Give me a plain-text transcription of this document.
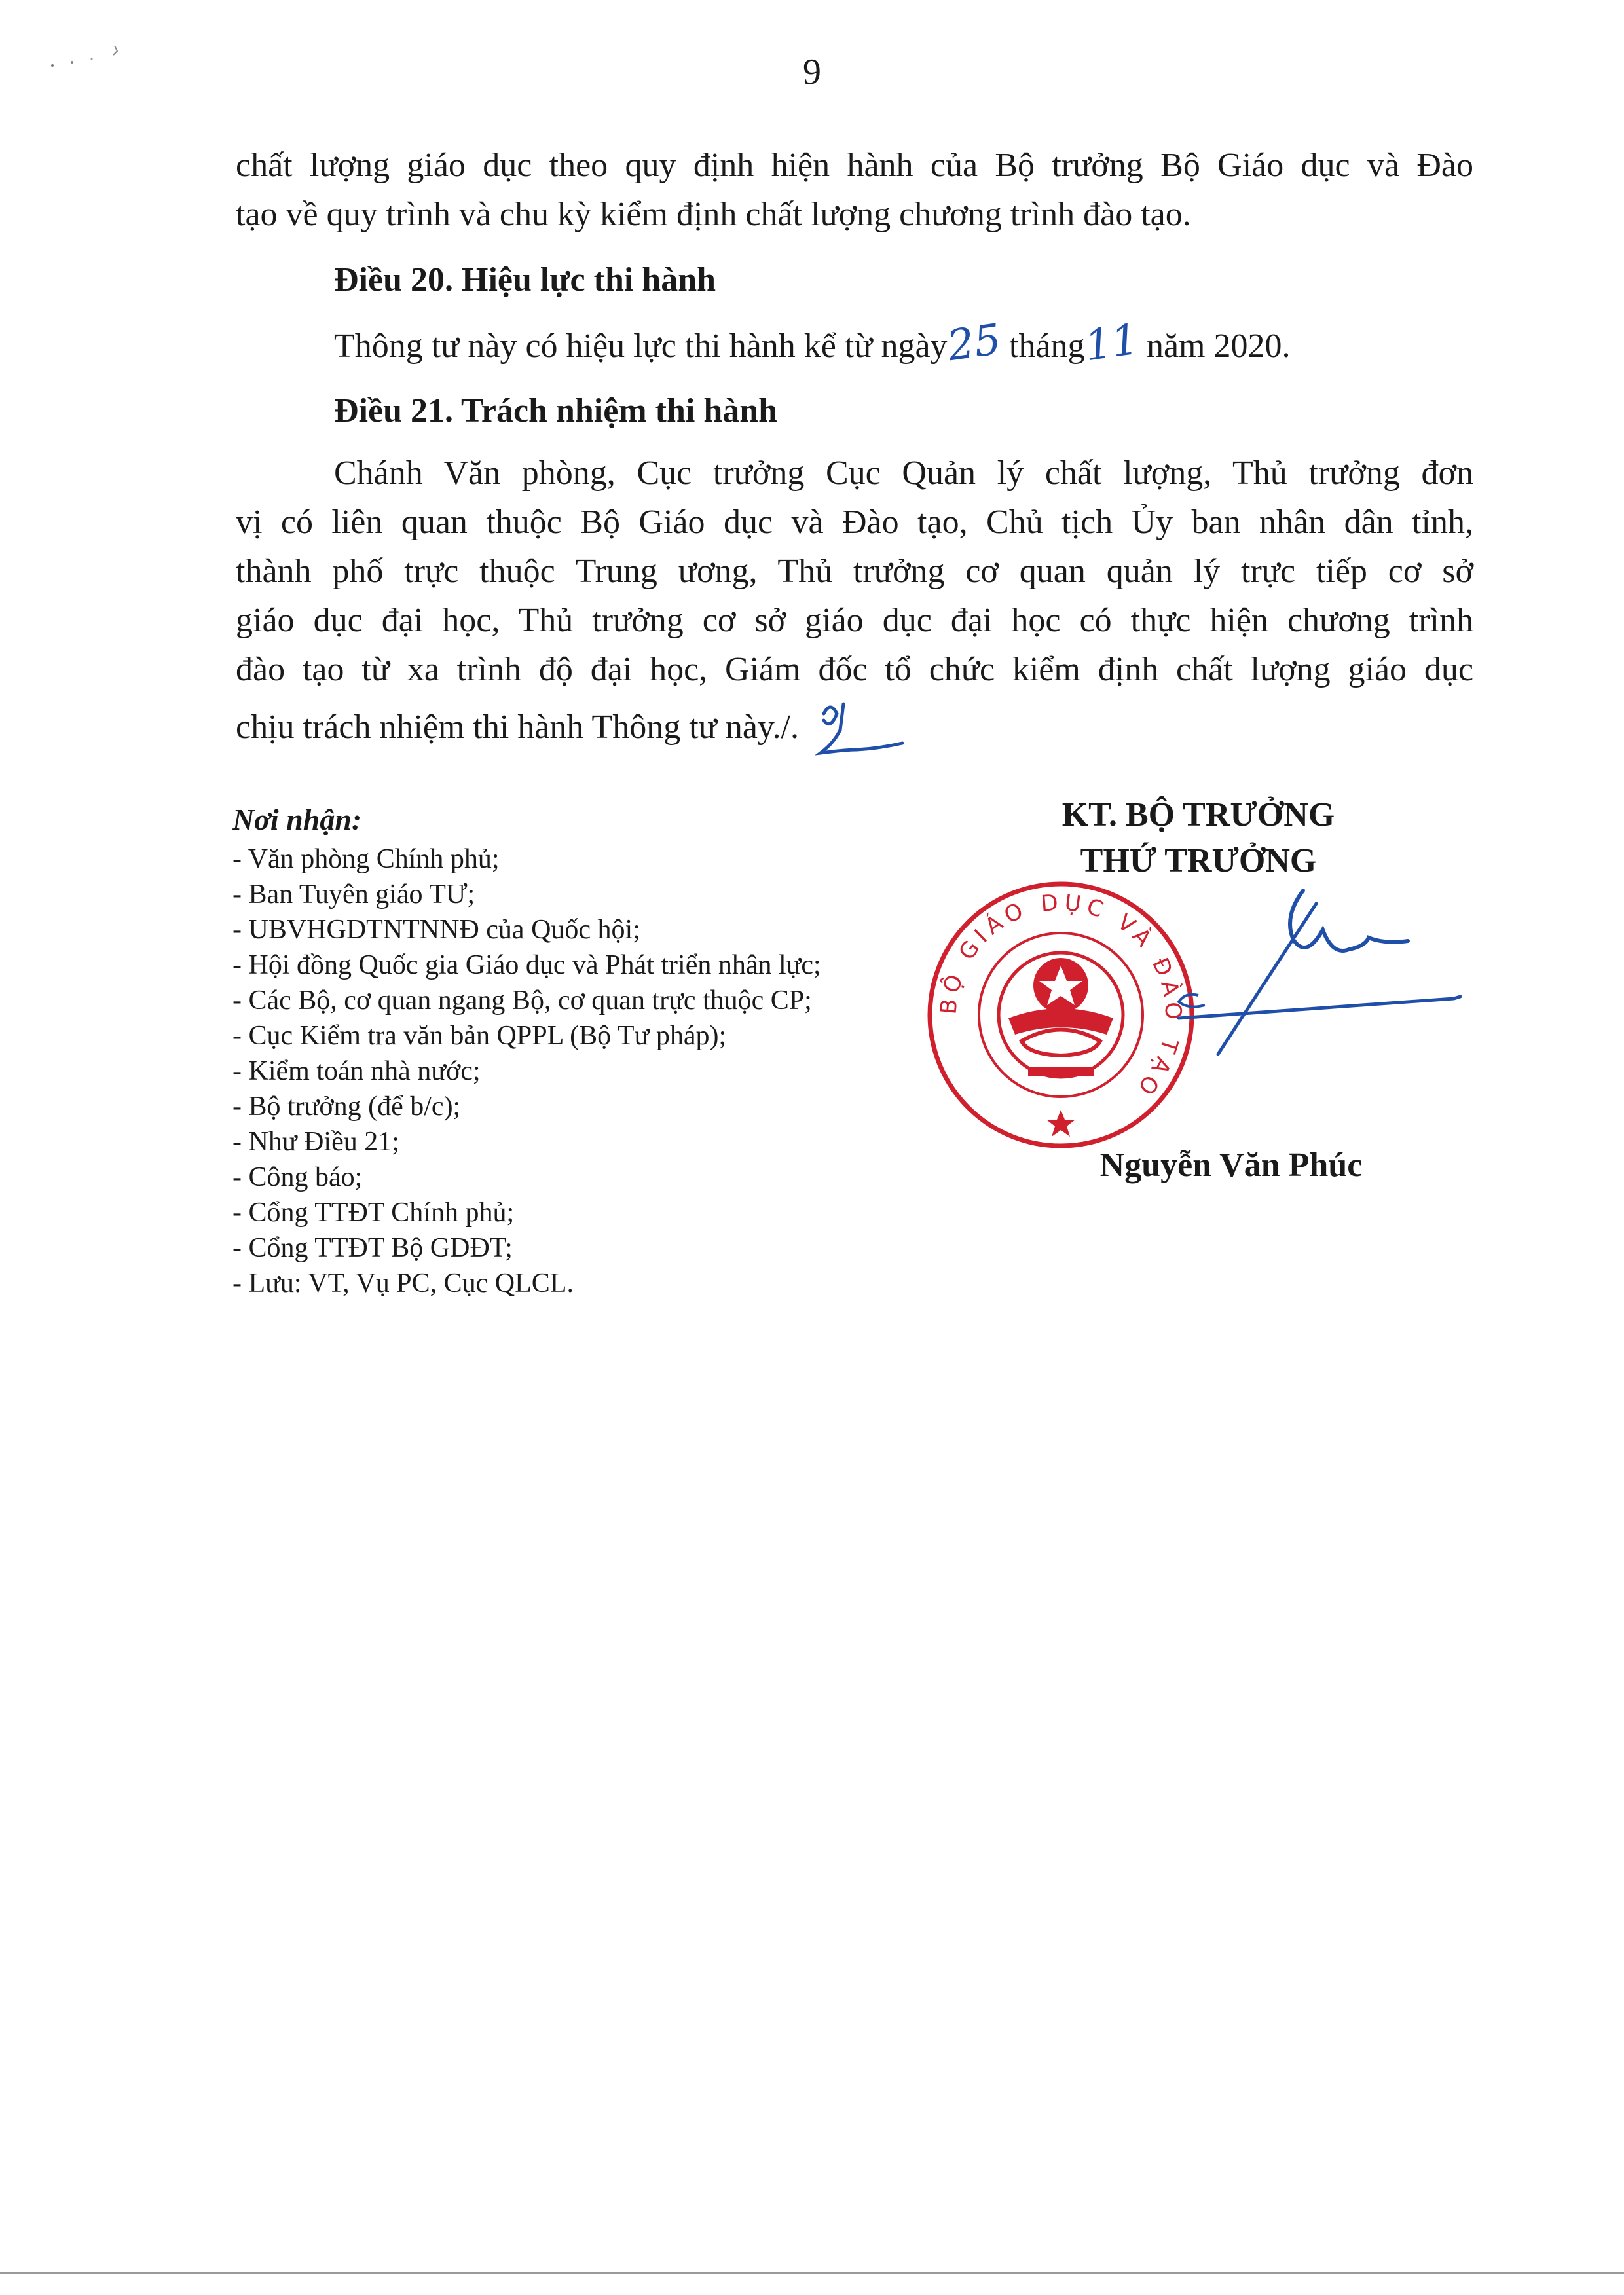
9
chất lượng giáo dục theo quy định hiện hành của Bộ trưởng Bộ Giáo dục và Đào
tạo về quy trình và chu kỳ kiểm định chất lượng chương trình đào tạo.
Điều 20. Hiệu lực thi hành
Thông tư này có hiệu lực thi hành kể từ ngày25 tháng11 năm 2020.
Điều 21. Trách nhiệm thi hành
Chánh Văn phòng, Cục trưởng Cục Quản lý chất lượng, Thủ trưởng đơn
vị có liên quan thuộc Bộ Giáo dục và Đào tạo, Chủ tịch Ủy ban nhân dân tỉnh,
thành phố trực thuộc Trung ương, Thủ trưởng cơ quan quản lý trực tiếp cơ sở
giáo dục đại học, Thủ trưởng cơ sở giáo dục đại học có thực hiện chương trình
đào tạo từ xa trình độ đại học, Giám đốc tổ chức kiểm định chất lượng giáo dục
chịu trách nhiệm thi hành Thông tư này./.
Nơi nhận:
- Văn phòng Chính phủ;
- Ban Tuyên giáo TƯ;
- UBVHGDTNTNNĐ của Quốc hội;
- Hội đồng Quốc gia Giáo dục và Phát triển nhân lực;
- Các Bộ, cơ quan ngang Bộ, cơ quan trực thuộc CP;
- Cục Kiểm tra văn bản QPPL (Bộ Tư pháp);
- Kiểm toán nhà nước;
- Bộ trưởng (để b/c);
- Như Điều 21;
- Công báo;
- Cổng TTĐT Chính phủ;
- Cổng TTĐT Bộ GDĐT;
- Lưu: VT, Vụ PC, Cục QLCL.
KT. BỘ TRƯỞNG
THỨ TRƯỞNG
BỘ GIÁO DỤC VÀ ĐÀO TẠO
Nguyễn Văn Phúc
